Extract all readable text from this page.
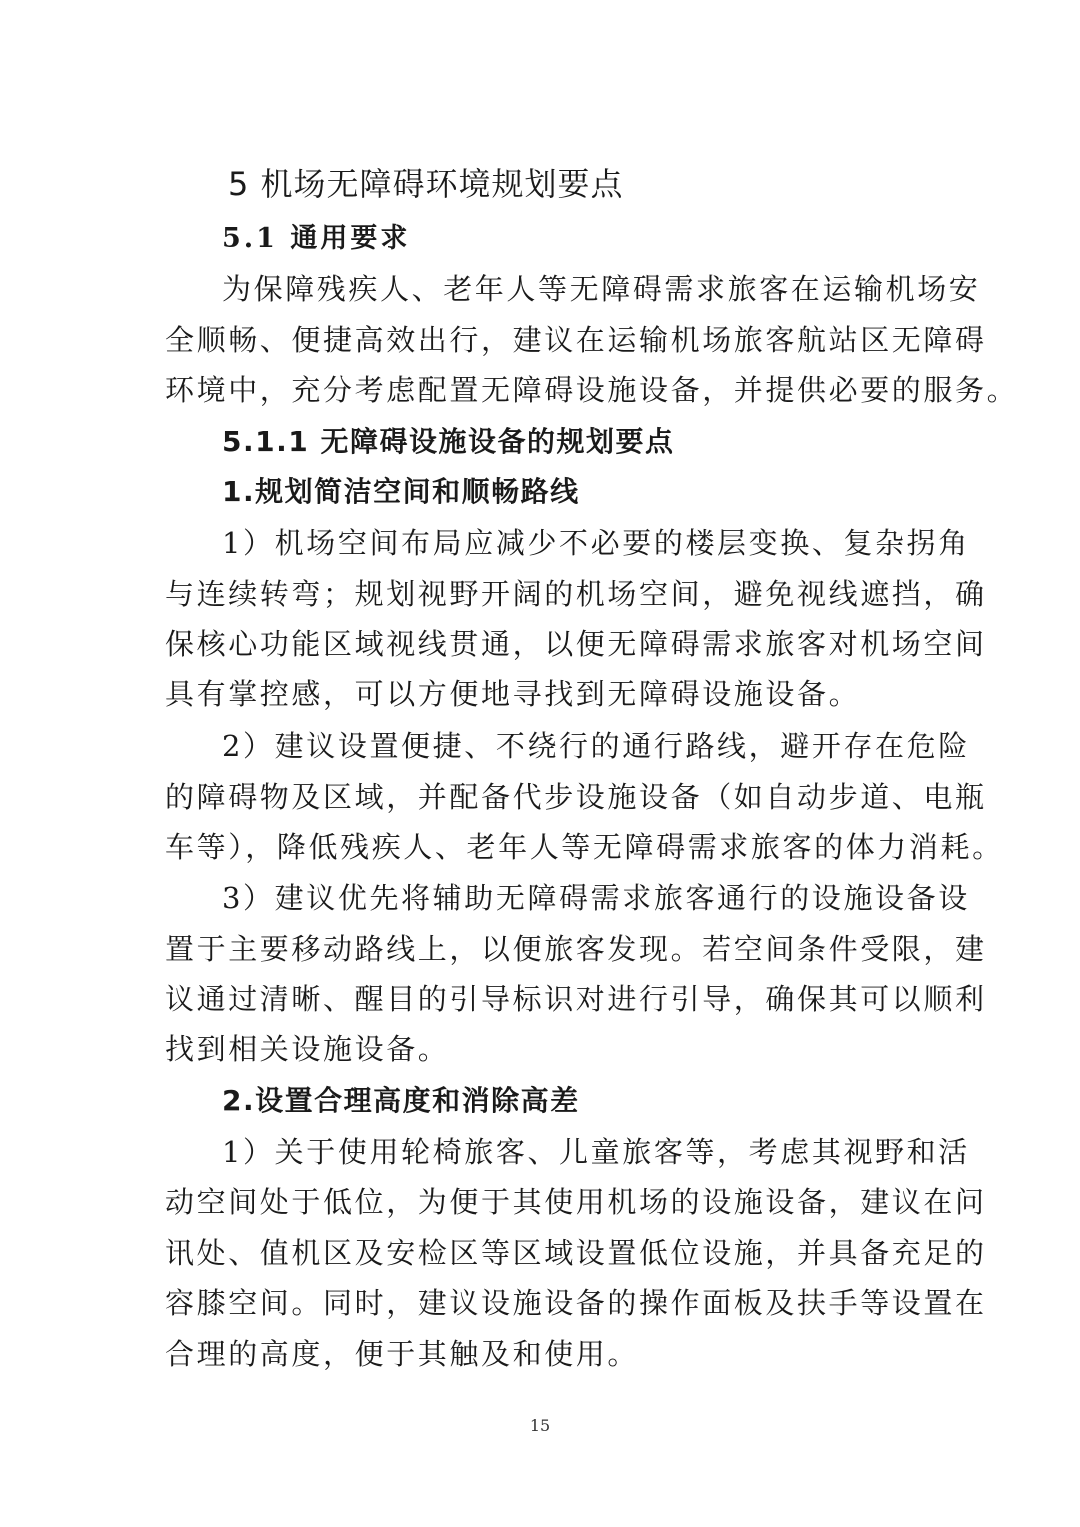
5 机场无障碍环境规划要点
5.1 通用要求

为保障残疾人、老年人等无障碍需求旅客在运输机场安

全顺畅、便捷高效出行，建议在运输机场旅客航站区无障碍

环境中，充分考虑配置无障碍设施设备，并提供必要的服务。

5.1.1 无障碍设施设备的规划要点
1.规划简洁空间和顺畅路线

1）机场空间布局应减少不必要的楼层变换、复杂拐角

与连续转弯；规划视野开阔的机场空间，避免视线遮挡，确

保核心功能区域视线贯通，以便无障碍需求旅客对机场空间

具有掌控感，可以方便地寻找到无障碍设施设备。

2）建议设置便捷、不绕行的通行路线，避开存在危险

的障碍物及区域，并配备代步设施设备（如自动步道、电瓶

车等），降低残疾人、老年人等无障碍需求旅客的体力消耗。

3）建议优先将辅助无障碍需求旅客通行的设施设备设

置于主要移动路线上，以便旅客发现。若空间条件受限，建

议通过清晰、醒目的引导标识对进行引导，确保其可以顺利

找到相关设施设备。

2.设置合理高度和消除高差

1）关于使用轮椅旅客、儿童旅客等，考虑其视野和活

动空间处于低位，为便于其使用机场的设施设备，建议在问

讯处、值机区及安检区等区域设置低位设施，并具备充足的

容膝空间。同时，建议设施设备的操作面板及扶手等设置在

合理的高度，便于其触及和使用。

15
